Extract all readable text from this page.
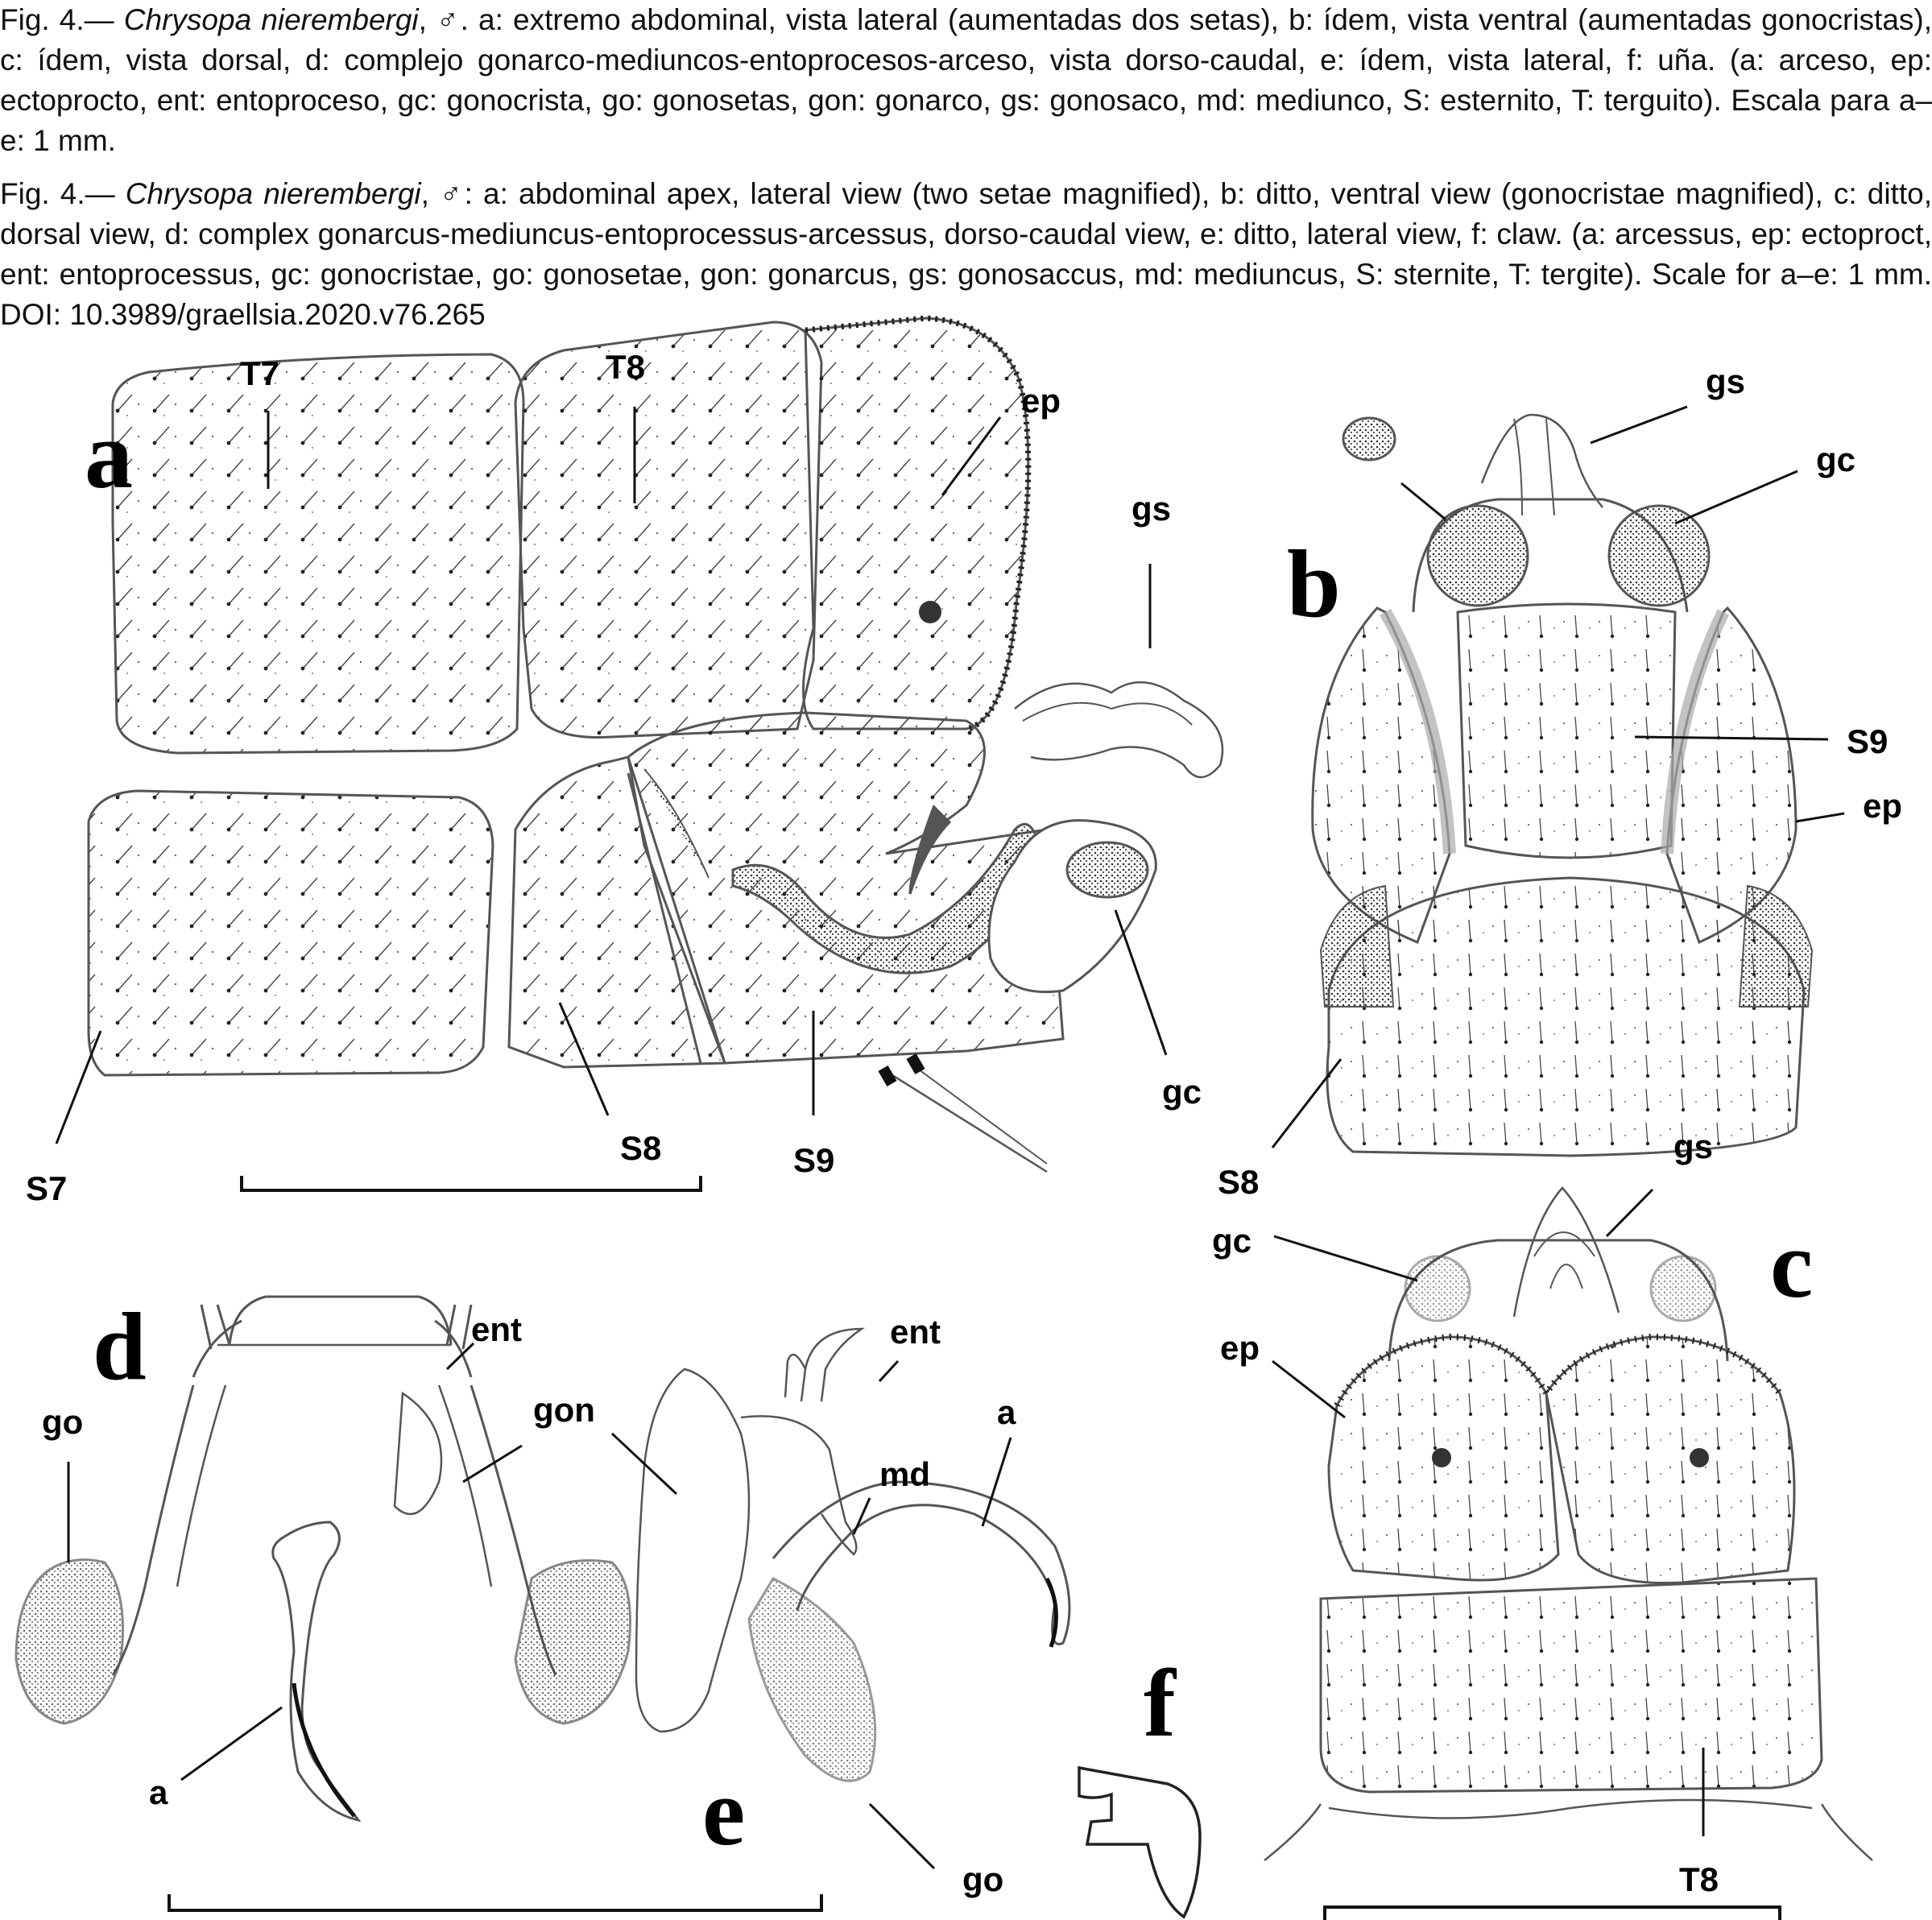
Fig. 4.— Chrysopa nierembergi, ♂. a: extremo abdominal, vista lateral (aumentadas dos setas), b: ídem, vista ventral (aumentadas gonocristas), c: ídem, vista dorsal, d: complejo gonarco-mediuncos-entoprocesos-arceso, vista dorso-caudal, e: ídem, vista lateral, f: uña. (a: arceso, ep: ectoprocto, ent: entoproceso, gc: gonocrista, go: gonosetas, gon: gonarco, gs: gonosaco, md: mediunco, S: esternito, T: terguito). Escala para a–e: 1 mm.
Fig. 4.— Chrysopa nierembergi, ♂: a: abdominal apex, lateral view (two setae magnified), b: ditto, ventral view (gonocristae magnified), c: ditto, dorsal view, d: complex gonarcus-mediuncus-entoprocessus-arcessus, dorso-caudal view, e: ditto, lateral view, f: claw. (a: arcessus, ep: ectoproct, ent: entoprocessus, gc: gonocristae, go: gonosetae, gon: gonarcus, gs: gonosaccus, md: mediuncus, S: sternite, T: tergite). Scale for a–e: 1 mm. DOI: 10.3989/graellsia.2020.v76.265
a
b
c
d
e
f
T7	T8
ep
gs
gc
S7
S8	S9
gs
gc
S9
ep
S8
gs
gc
ep
T8
ent
go	gon
a
ent
md
a
go
